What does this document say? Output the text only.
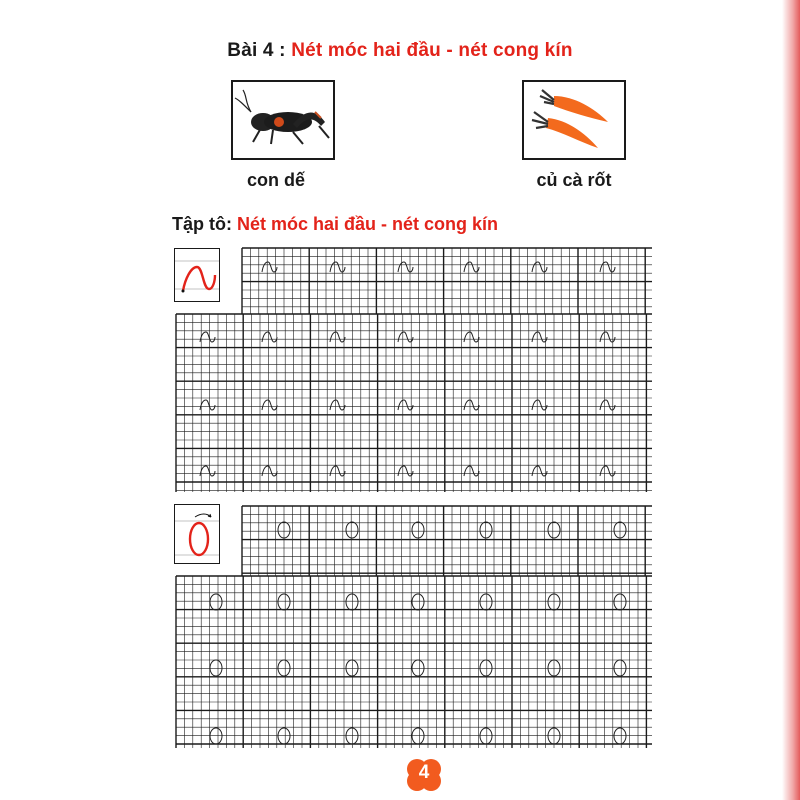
Bài 4 : Nét móc hai đầu - nét cong kín
con dế	củ cà rốt
Tập tô: Nét móc hai đầu - nét cong kín
4
